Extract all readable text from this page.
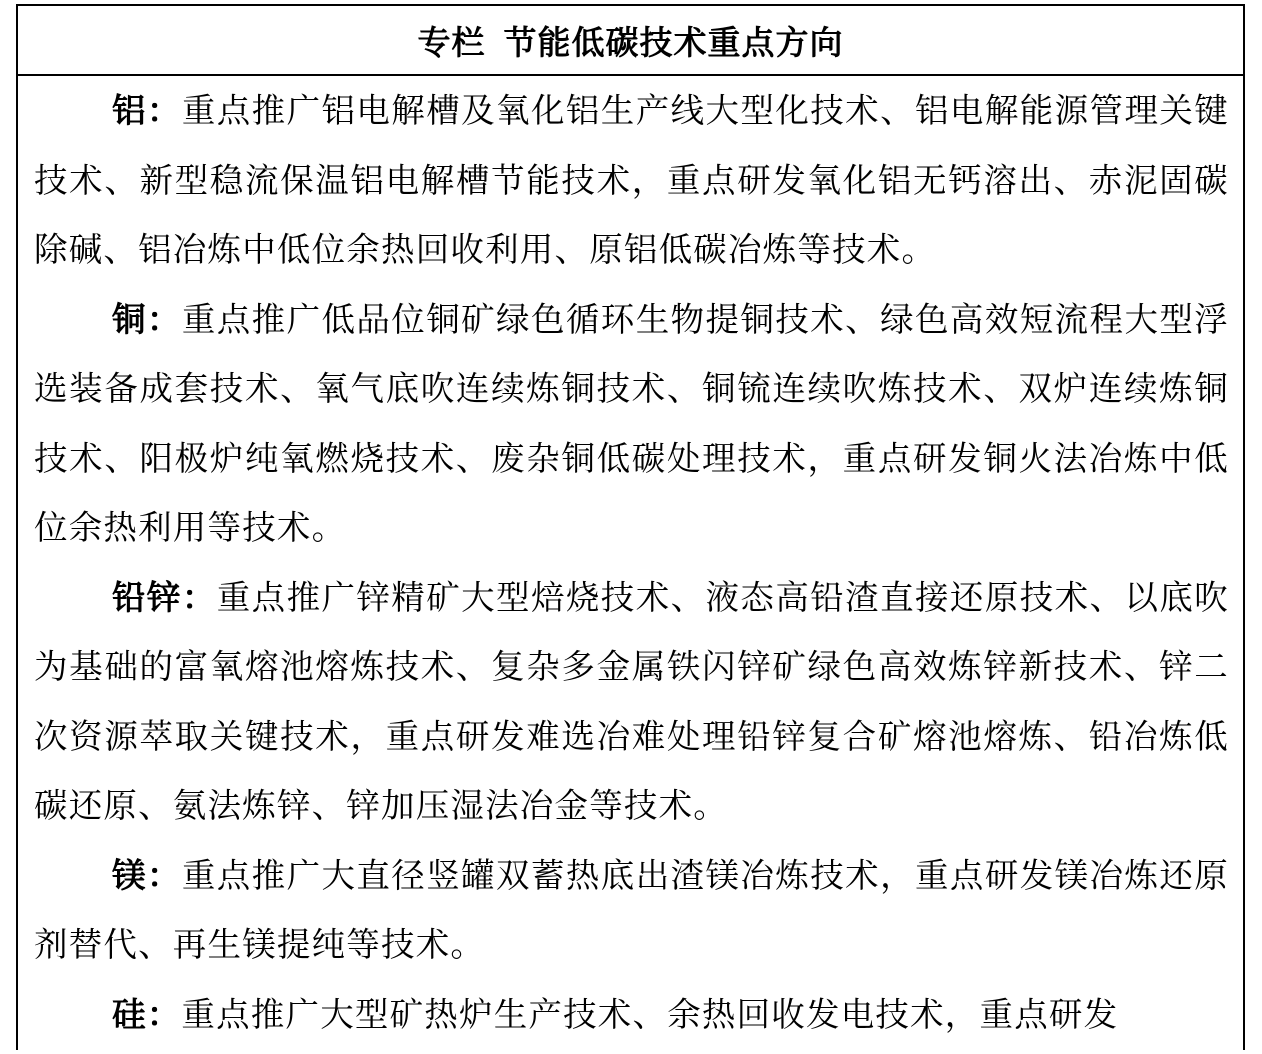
专栏 节能低碳技术重点方向

铝：重点推广铝电解槽及氧化铝生产线大型化技术、铝电解能源管理关键技术、新型稳流保温铝电解槽节能技术，重点研发氧化铝无钙溶出、赤泥固碳除碱、铝冶炼中低位余热回收利用、原铝低碳冶炼等技术。

铜：重点推广低品位铜矿绿色循环生物提铜技术、绿色高效短流程大型浮选装备成套技术、氧气底吹连续炼铜技术、铜锍连续吹炼技术、双炉连续炼铜技术、阳极炉纯氧燃烧技术、废杂铜低碳处理技术，重点研发铜火法冶炼中低位余热利用等技术。

铅锌：重点推广锌精矿大型焙烧技术、液态高铅渣直接还原技术、以底吹为基础的富氧熔池熔炼技术、复杂多金属铁闪锌矿绿色高效炼锌新技术、锌二次资源萃取关键技术，重点研发难选冶难处理铅锌复合矿熔池熔炼、铅冶炼低碳还原、氨法炼锌、锌加压湿法冶金等技术。

镁：重点推广大直径竖罐双蓄热底出渣镁冶炼技术，重点研发镁冶炼还原剂替代、再生镁提纯等技术。

硅：重点推广大型矿热炉生产技术、余热回收发电技术，重点研发
